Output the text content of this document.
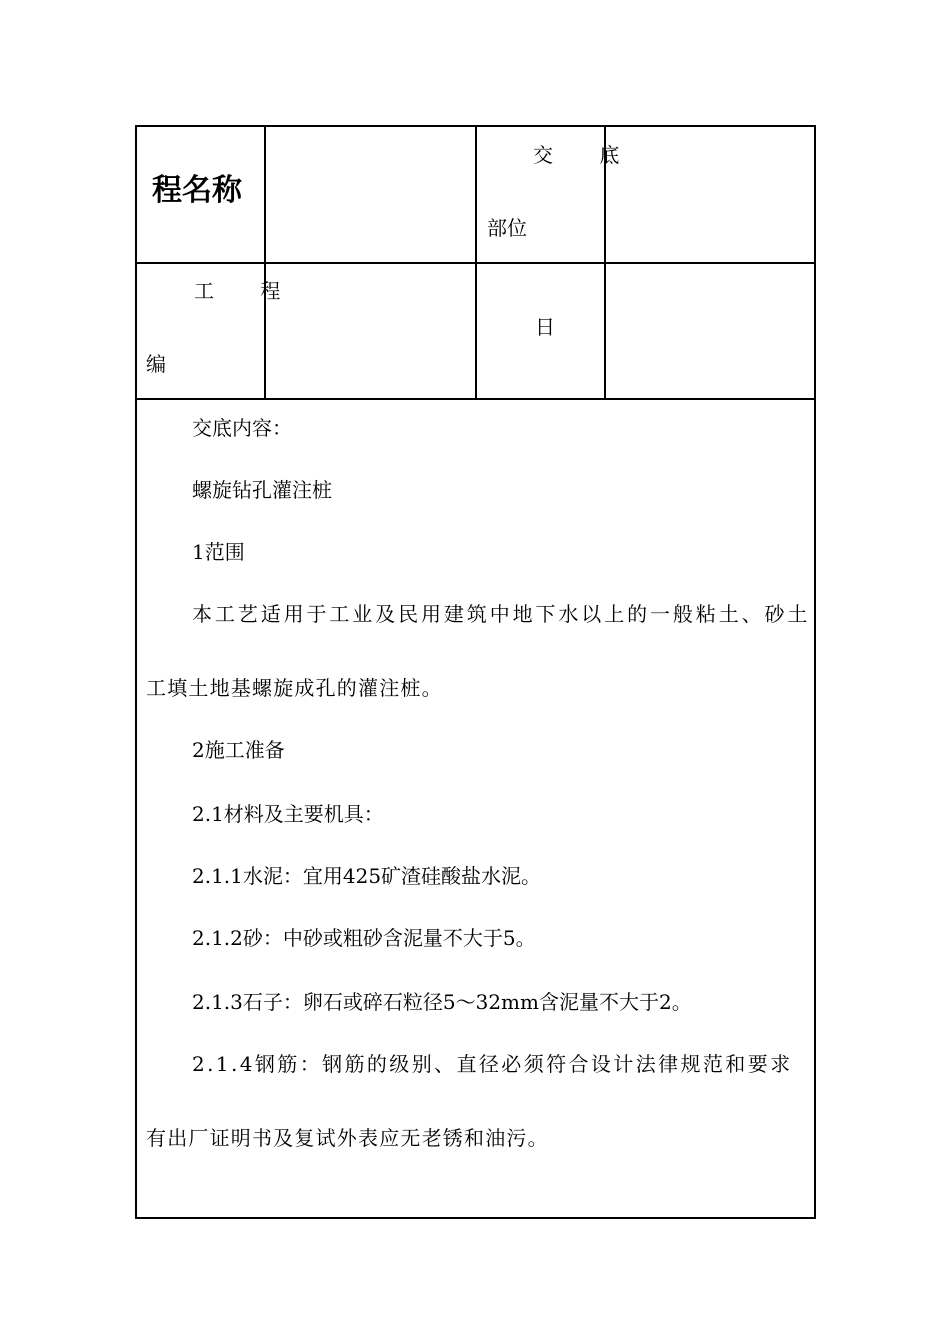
程名称
交 底
部位
工 程
编
日
交底内容：
螺旋钻孔灌注桩
1范围
本工艺适用于工业及民用建筑中地下水以上的一般粘土、砂土
工填土地基螺旋成孔的灌注桩。
2施工准备
2.1材料及主要机具：
2.1.1水泥：宜用425矿渣硅酸盐水泥。
2.1.2砂：中砂或粗砂含泥量不大于5。
2.1.3石子：卵石或碎石粒径5～32mm含泥量不大于2。
2.1.4钢筋：钢筋的级别、直径必须符合设计法律规范和要求
有出厂证明书及复试外表应无老锈和油污。
